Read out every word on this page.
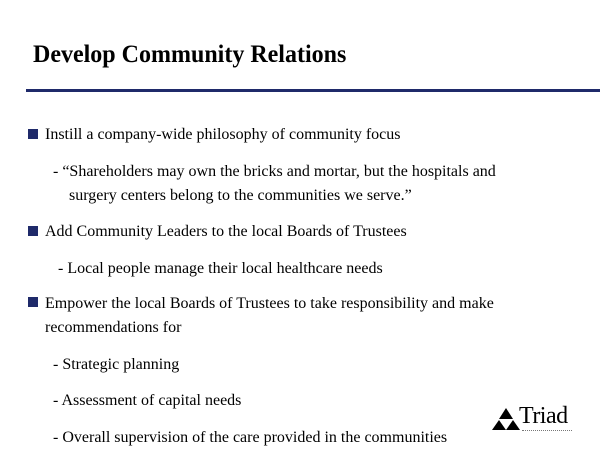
Develop Community Relations
Instill a company-wide philosophy of community focus
- “Shareholders may own the bricks and mortar, but the hospitals and
surgery centers belong to the communities we serve.”
Add Community Leaders to the local Boards of Trustees
- Local people manage their local healthcare needs
Empower the local Boards of Trustees to take responsibility and make
recommendations for
- Strategic planning
- Assessment of capital needs
- Overall supervision of the care provided in the communities
Triad
